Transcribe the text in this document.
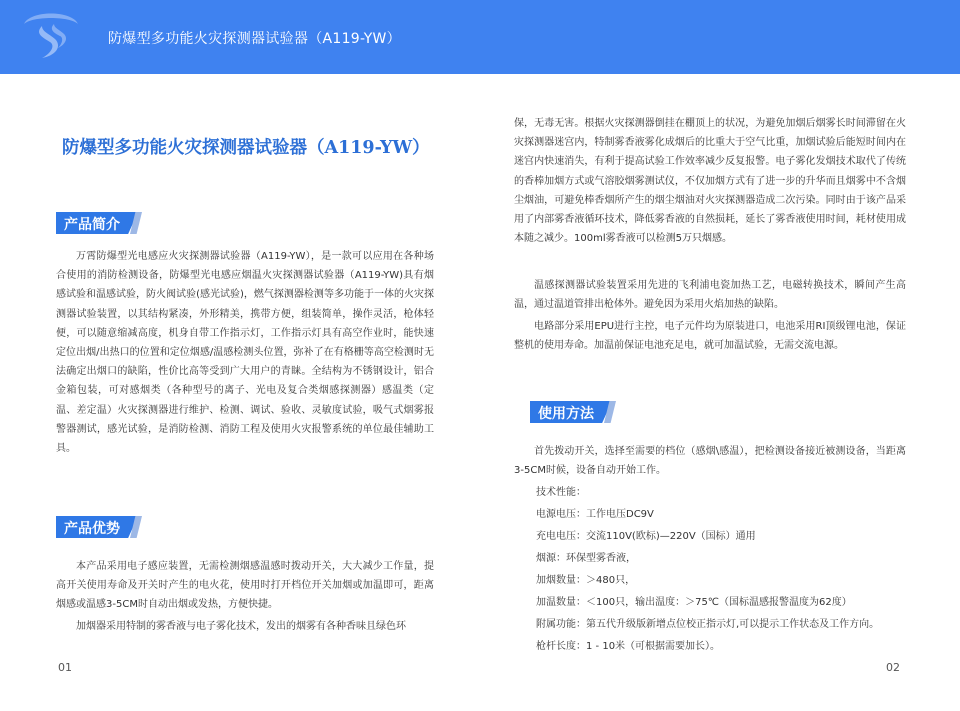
防爆型多功能火灾探测器试验器（A119-YW）
防爆型多功能火灾探测器试验器（A119-YW）
产品简介

万霄防爆型光电感应火灾探测器试验器（A119-YW），是一款可以应用在各种场合使用的消防检测设备，防爆型光电感应烟温火灾探测器试验器（A119-YW)具有烟感试验和温感试验，防火阀试验(感光试验)，燃气探测器检测等多功能于一体的火灾探测器试验装置，以其结构紧凑，外形精美，携带方便，组装简单，操作灵活，枪体轻便，可以随意缩减高度，机身自带工作指示灯，工作指示灯具有高空作业时，能快速定位出烟/出热口的位置和定位烟感/温感检测头位置，弥补了在有格栅等高空检测时无法确定出烟口的缺陷，性价比高等受到广大用户的青睐。全结构为不锈钢设计，铝合金箱包装，可对感烟类（各种型号的离子、光电及复合类烟感探测器）感温类（定温、差定温）火灾探测器进行维护、检测、调试、验收、灵敏度试验，吸气式烟雾报警器测试，感光试验，是消防检测、消防工程及使用火灾报警系统的单位最佳辅助工具。

产品优势

本产品采用电子感应装置，无需检测烟感温感时拨动开关，大大减少工作量，提高开关使用寿命及开关时产生的电火花，使用时打开档位开关加烟或加温即可，距离烟感或温感3-5CM时自动出烟或发热，方便快捷。

加烟器采用特制的雾香液与电子雾化技术，发出的烟雾有各种香味且绿色环

保，无毒无害。根据火灾探测器倒挂在棚顶上的状况，为避免加烟后烟雾长时间滞留在火灾探测器迷宫内，特制雾香液雾化成烟后的比重大于空气比重，加烟试验后能短时间内在迷宫内快速消失，有利于提高试验工作效率减少反复报警。电子雾化发烟技术取代了传统的香棒加烟方式或气溶胶烟雾测试仪，不仅加烟方式有了进一步的升华而且烟雾中不含烟尘烟油，可避免棒香烟所产生的烟尘烟油对火灾探测器造成二次污染。同时由于该产品采用了内部雾香液循环技术，降低雾香液的自然损耗，延长了雾香液使用时间，耗材使用成本随之减少。100ml雾香液可以检测5万只烟感。

温感探测器试验装置采用先进的飞利浦电瓷加热工艺，电磁转换技术，瞬间产生高温，通过温道管排出枪体外。避免因为采用火焰加热的缺陷。

电路部分采用EPU进行主控，电子元件均为原装进口，电池采用RI顶级锂电池，保证整机的使用寿命。加温前保证电池充足电，就可加温试验，无需交流电源。

使用方法

首先拨动开关，选择至需要的档位（感烟\感温），把检测设备接近被测设备，当距离3-5CM时候，设备自动开始工作。

技术性能：
电源电压：工作电压DC9V
充电电压：交流110V(欧标)—220V（国标）通用
烟源：环保型雾香液，
加烟数量：＞480只，
加温数量：＜100只，输出温度：＞75℃（国标温感报警温度为62度）
附属功能：第五代升级版新增点位校正指示灯,可以提示工作状态及工作方向。
枪杆长度：1 - 10米（可根据需要加长）。
01	02
